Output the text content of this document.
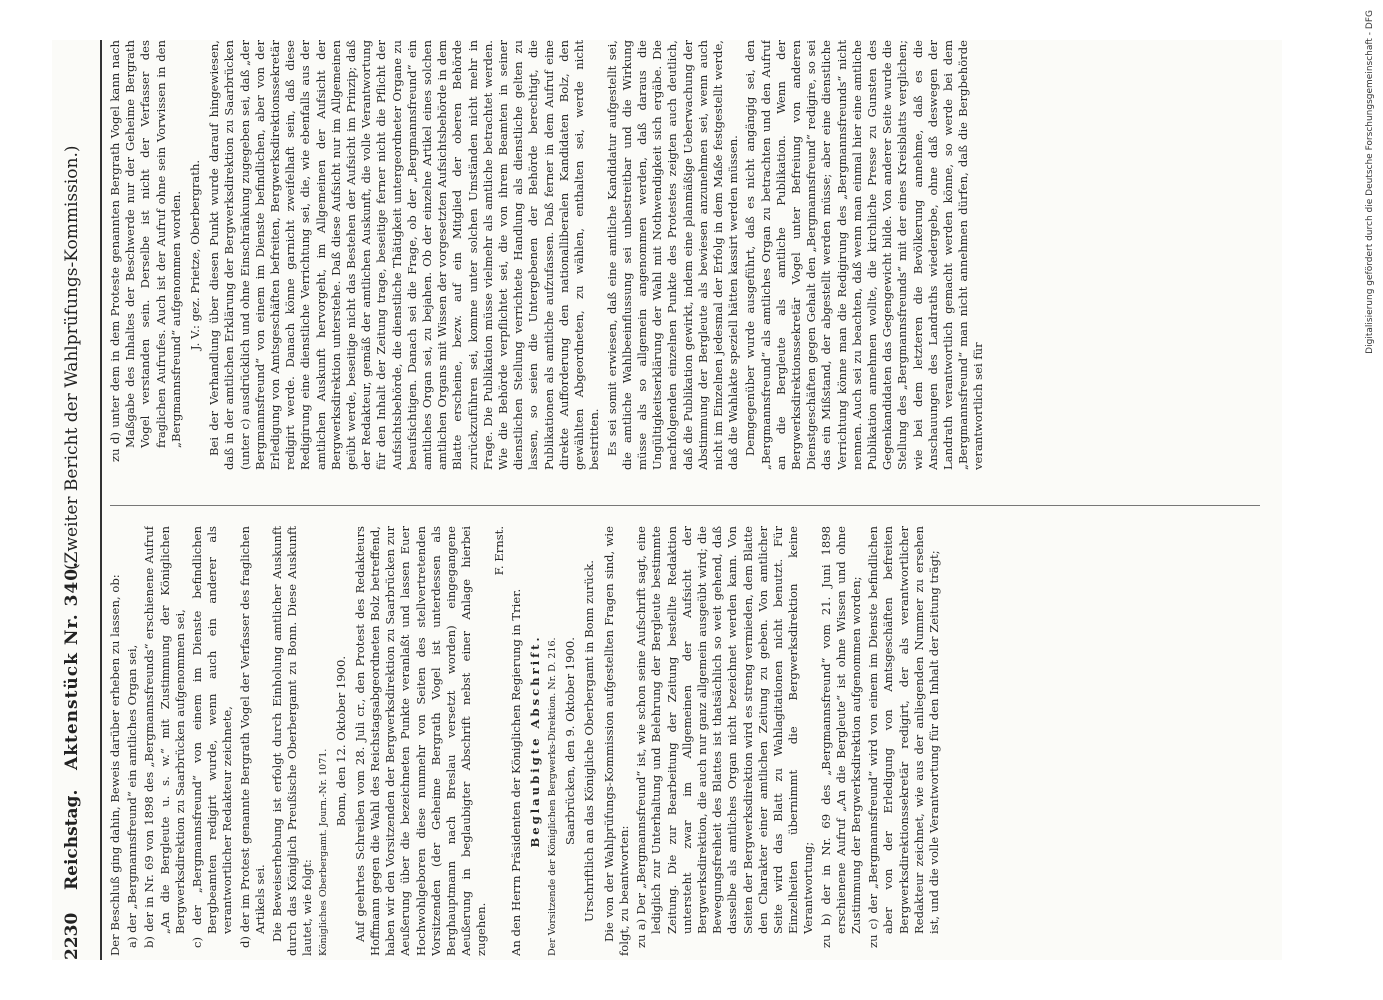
2230
Reichstag.
Aktenstück Nr. 340.
(Zweiter Bericht der Wahlprüfungs-Kommission.)

Der Beschluß ging dahin, Beweis darüber erheben zu lassen, ob: a) der „Bergmannsfreund“ ein amtliches Organ sei, b) der in Nr. 69 von 1898 des „Bergmannsfreunds“ erschienene Aufruf „An die Bergleute u. s. w.“ mit Zustimmung der Königlichen Bergwerksdirektion zu Saarbrücken aufgenommen sei, c) der „Bergmannsfreund“ von einem im Dienste befindlichen Bergbeamten redigirt wurde, wenn auch ein anderer als verantwortlicher Redakteur zeichnete, d) der im Protest genannte Bergrath Vogel der Verfasser des fraglichen Artikels sei. Die Beweiserhebung ist erfolgt durch Einholung amtlicher Auskunft durch das Königlich Preußische Oberbergamt zu Bonn. Diese Auskunft lautet, wie folgt: Königliches Oberbergamt. Journ.-Nr. 1071.

Bonn, den 12. Oktober 1900. Auf geehrtes Schreiben vom 28. Juli cr., den Protest des Redakteurs Hoffmann gegen die Wahl des Reichstagsabgeordneten Bolz betreffend, haben wir den Vorsitzenden der Bergwerksdirektion zu Saarbrücken zur Aeußerung über die bezeichneten Punkte veranlaßt und lassen Euer Hochwohlgeboren diese nunmehr von Seiten des stellvertretenden Vorsitzenden (der Geheime Bergrath Vogel ist unterdessen als Berghauptmann nach Breslau versetzt worden) eingegangene Aeußerung in beglaubigter Abschrift nebst einer Anlage hierbei zugehen.

F. Ernst.

An den Herrn Präsidenten der Königlichen Regierung in Trier. Beglaubigte Abschrift. Der Vorsitzende der Königlichen Bergwerks-Direktion. Nr. D. 216. Saarbrücken, den 9. Oktober 1900. Urschriftlich an das Königliche Oberbergamt in Bonn zurück. Die von der Wahlprüfungs-Kommission aufgestellten Fragen sind, wie folgt, zu beantworten: zu a) Der „Bergmannsfreund“ ist, wie schon seine Aufschrift sagt, eine lediglich zur Unterhaltung und Belehrung der Bergleute bestimmte Zeitung. Die zur Bearbeitung der Zeitung bestellte Redaktion untersteht zwar im Allgemeinen der Aufsicht der Bergwerksdirektion, die auch nur ganz allgemein ausgeübt wird; die Bewegungsfreiheit des Blattes ist thatsächlich so weit gehend, daß dasselbe als amtliches Organ nicht bezeichnet werden kann. Von Seiten der Bergwerksdirektion wird es streng vermieden, dem Blatte den Charakter einer amtlichen Zeitung zu geben. Von amtlicher Seite wird das Blatt zu Wahlagitationen nicht benutzt. Für Einzelheiten übernimmt die Bergwerksdirektion keine Verantwortung; zu b) der in Nr. 69 des „Bergmannsfreund“ vom 21. Juni 1898 erschienene Aufruf „An die Bergleute“ ist ohne Wissen und ohne Zustimmung der Bergwerksdirektion aufgenommen worden; zu c) der „Bergmannsfreund“ wird von einem im Dienste befindlichen aber von der Erledigung von Amtsgeschäften befreiten Bergwerksdirektionssekretär redigirt, der als verantwortlicher Redakteur zeichnet, wie aus der anliegenden Nummer zu ersehen ist, und die volle Verantwortung für den Inhalt der Zeitung trägt;

zu d) unter dem in dem Proteste genannten Bergrath Vogel kann nach Maßgabe des Inhaltes der Beschwerde nur der Geheime Bergrath Vogel verstanden sein. Derselbe ist nicht der Verfasser des fraglichen Aufrufes. Auch ist der Aufruf ohne sein Vorwissen in den „Bergmannsfreund“ aufgenommen worden. J. V.: gez. Prietze, Oberbergrath. Bei der Verhandlung über diesen Punkt wurde darauf hingewiesen, daß in der amtlichen Erklärung der Bergwerksdirektion zu Saarbrücken (unter c) ausdrücklich und ohne Einschränkung zugegeben sei, daß „der Bergmannsfreund“ von einem im Dienste befindlichen, aber von der Erledigung von Amtsgeschäften befreiten, Bergwerksdirektionssekretär redigirt werde. Danach könne garnicht zweifelhaft sein, daß diese Redigirung eine dienstliche Verrichtung sei, die, wie ebenfalls aus der amtlichen Auskunft hervorgeht, im Allgemeinen der Aufsicht der Bergwerksdirektion unterstehe. Daß diese Aufsicht nur im Allgemeinen geübt werde, beseitige nicht das Bestehen der Aufsicht im Prinzip; daß der Redakteur, gemäß der amtlichen Auskunft, die volle Verantwortung für den Inhalt der Zeitung trage, beseitige ferner nicht die Pflicht der Aufsichtsbehörde, die dienstliche Thätigkeit untergeordneter Organe zu beaufsichtigen. Danach sei die Frage, ob der „Bergmannsfreund“ ein amtliches Organ sei, zu bejahen. Ob der einzelne Artikel eines solchen amtlichen Organs mit Wissen der vorgesetzten Aufsichtsbehörde in dem Blatte erscheine, bezw. auf ein Mitglied der oberen Behörde zurückzuführen sei, komme unter solchen Umständen nicht mehr in Frage. Die Publikation müsse vielmehr als amtliche betrachtet werden. Wie die Behörde verpflichtet sei, die von ihrem Beamten in seiner dienstlichen Stellung verrichtete Handlung als dienstliche gelten zu lassen, so seien die Untergebenen der Behörde berechtigt, die Publikationen als amtliche aufzufassen. Daß ferner in dem Aufruf eine direkte Aufforderung den nationalliberalen Kandidaten Bolz, den gewählten Abgeordneten, zu wählen, enthalten sei, werde nicht bestritten. Es sei somit erwiesen, daß eine amtliche Kandidatur aufgestellt sei, die amtliche Wahlbeeinflussung sei unbestreitbar und die Wirkung müsse als so allgemein angenommen werden, daß daraus die Ungültigkeitserklärung der Wahl mit Nothwendigkeit sich ergäbe. Die nachfolgenden einzelnen Punkte des Protestes zeigten auch deutlich, daß die Publikation gewirkt, indem eine planmäßige Ueberwachung der Abstimmung der Bergleute als bewiesen anzunehmen sei, wenn auch nicht im Einzelnen jedesmal der Erfolg in dem Maße festgestellt werde, daß die Wahlakte speziell hätten kassirt werden müssen. Demgegenüber wurde ausgeführt, daß es nicht angängig sei, den „Bergmannsfreund“ als amtliches Organ zu betrachten und den Aufruf an die Bergleute als amtliche Publikation. Wenn der Bergwerksdirektionssekretär Vogel unter Befreiung von anderen Dienstgeschäften gegen Gehalt den „Bergmannsfreund“ redigire, so sei das ein Mißstand, der abgestellt werden müsse; aber eine dienstliche Verrichtung könne man die Redigirung des „Bergmannsfreunds“ nicht nennen. Auch sei zu beachten, daß wenn man einmal hier eine amtliche Publikation annehmen wollte, die kirchliche Presse zu Gunsten des Gegenkandidaten das Gegengewicht bilde. Von anderer Seite wurde die Stellung des „Bergmannsfreunds“ mit der eines Kreisblatts verglichen; wie bei dem letzteren die Bevölkerung annehme, daß es die Anschauungen des Landraths wiedergebe, ohne daß deswegen der Landrath verantwortlich gemacht werden könne, so werde bei dem „Bergmannsfreund“ man nicht annehmen dürfen, daß die Bergbehörde verantwortlich sei für

Digitalisierung gefördert durch die Deutsche Forschungsgemeinschaft - DFG
